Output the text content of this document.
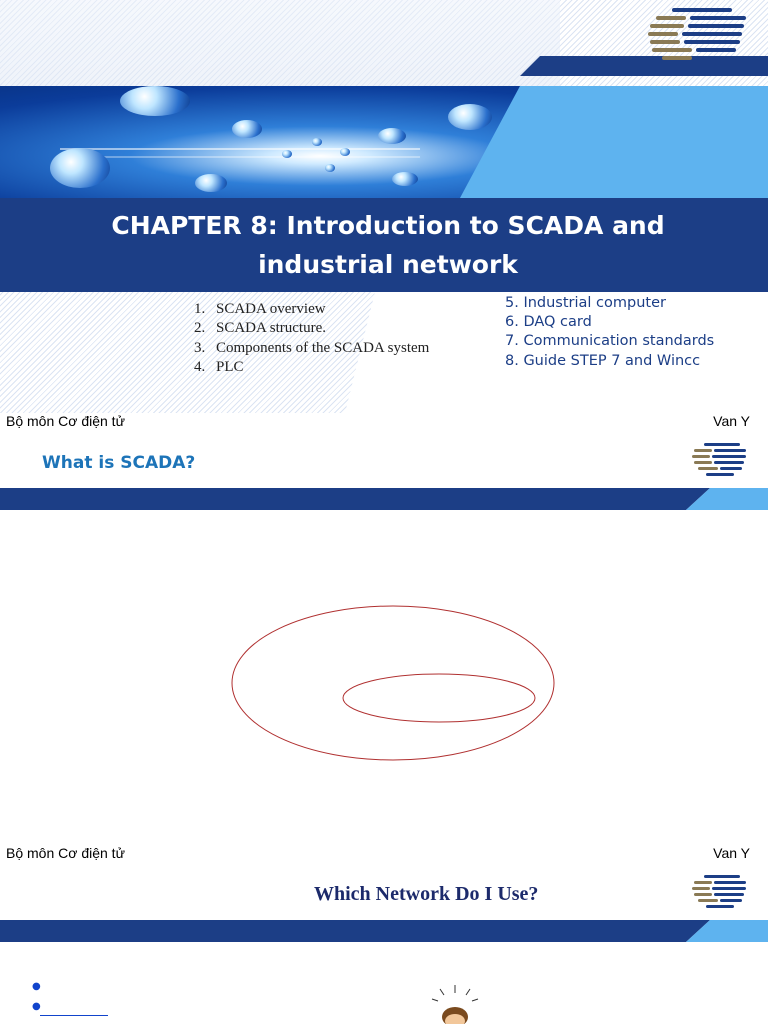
CHAPTER 8: Introduction to SCADA and
industrial network
1. SCADA overview
2. SCADA structure.
3. Components of the SCADA system
4. PLC
5. Industrial computer
6. DAQ card
7. Communication standards
8. Guide STEP 7 and Wincc
Bộ môn Cơ điện tử	Van Y
What is SCADA?
Bộ môn Cơ điện tử	Van Y
Which Network Do I Use?
●
●
